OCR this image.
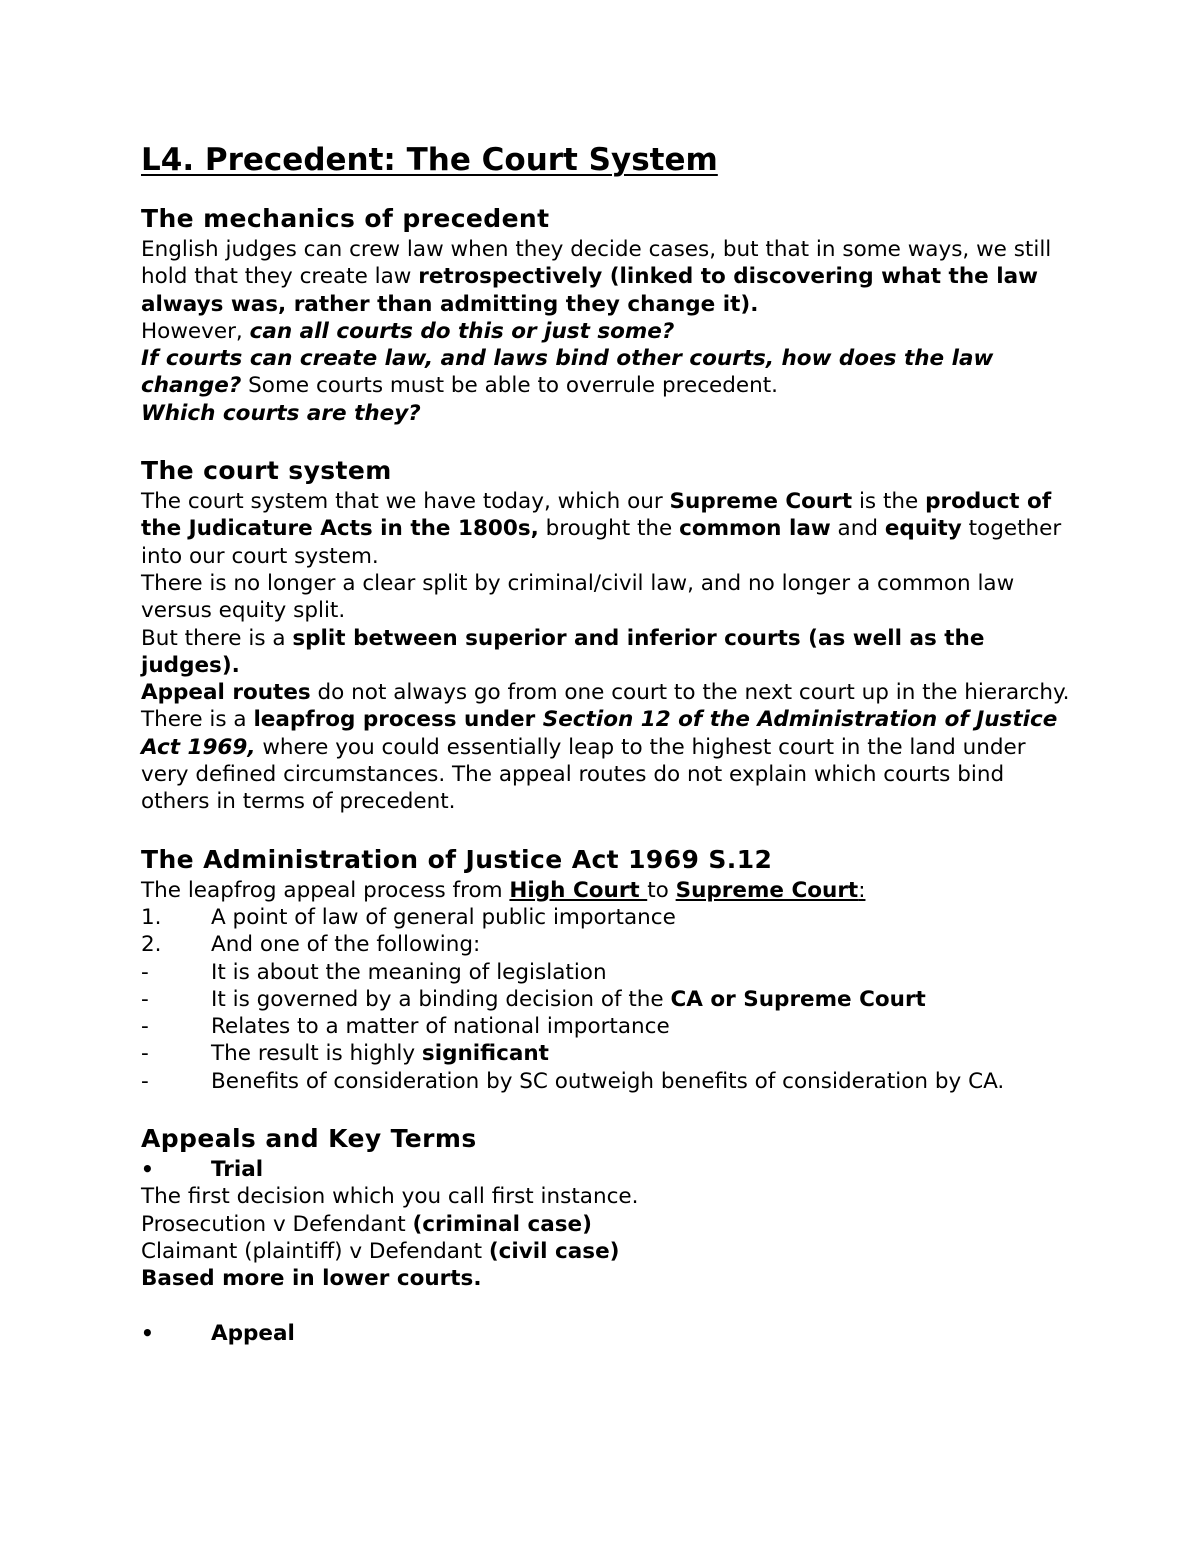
L4. Precedent: The Court System
The mechanics of precedent

English judges can crew law when they decide cases, but that in some ways, we still hold that they create law retrospectively (linked to discovering what the law always was, rather than admitting they change it).

However, can all courts do this or just some?

If courts can create law, and laws bind other courts, how does the law change? Some courts must be able to overrule precedent.

Which courts are they?

The court system

The court system that we have today, which our Supreme Court is the product of the Judicature Acts in the 1800s, brought the common law and equity together into our court system.

There is no longer a clear split by criminal/civil law, and no longer a common law versus equity split.

But there is a split between superior and inferior courts (as well as the judges).

Appeal routes do not always go from one court to the next court up in the hierarchy. There is a leapfrog process under Section 12 of the Administration of Justice Act 1969, where you could essentially leap to the highest court in the land under very defined circumstances. The appeal routes do not explain which courts bind others in terms of precedent.

The Administration of Justice Act 1969 S.12

The leapfrog appeal process from High Court to Supreme Court:

1.	A point of law of general public importance
2.	And one of the following:
-	It is about the meaning of legislation
-	It is governed by a binding decision of the CA or Supreme Court
-	Relates to a matter of national importance
-	The result is highly significant
-	Benefits of consideration by SC outweigh benefits of consideration by CA.
Appeals and Key Terms
•	Trial

The first decision which you call first instance.

Prosecution v Defendant (criminal case)

Claimant (plaintiff) v Defendant (civil case)

Based more in lower courts.

•	Appeal
